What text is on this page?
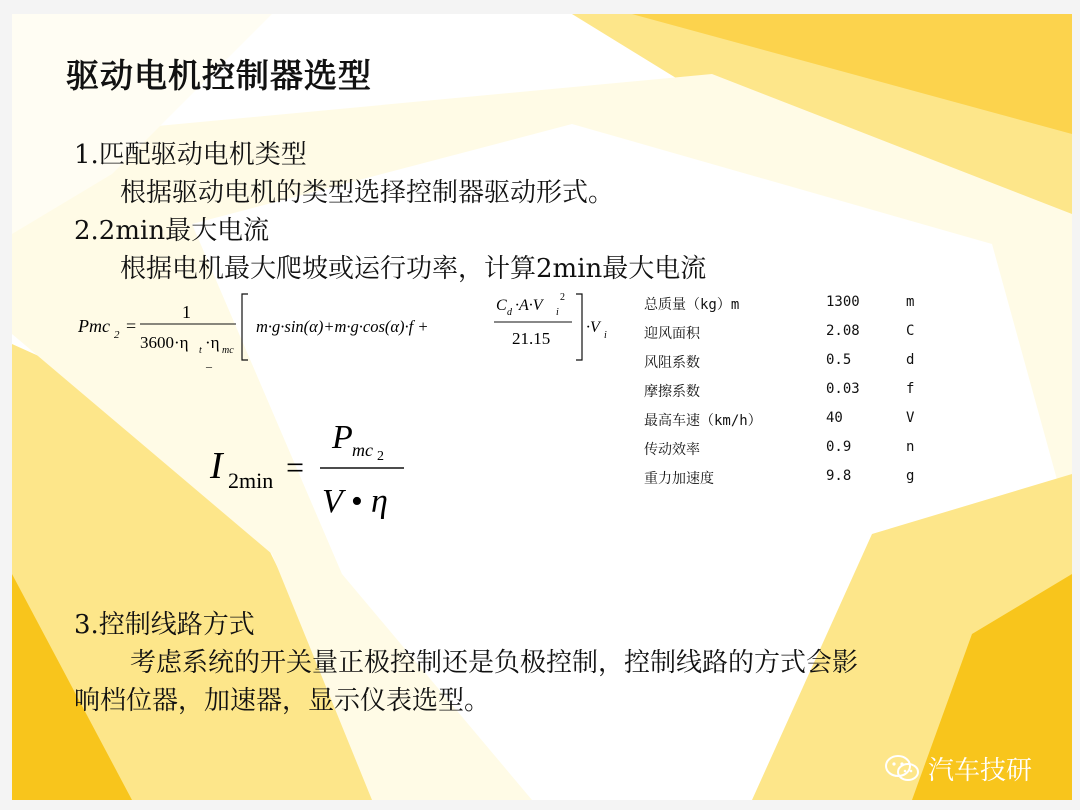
驱动电机控制器选型
1.匹配驱动电机类型
根据驱动电机的类型选择控制器驱动形式。
2.2min最大电流
根据电机最大爬坡或运行功率，计算2min最大电流
Pmc 2 =
1
3600·η t ·η mc
–
m·g·sin(α)+m·g·cos(α)·f +
C d ·A·V i
2
21.15
·V i
I 2min =
P mc 2
V • η
总质量（kg）m	1300	m
迎风面积	2.08	C
风阻系数	0.5	d
摩擦系数	0.03	f
最高车速（km/h）	40	V
传动效率	0.9	n
重力加速度	9.8	g
3.控制线路方式
考虑系统的开关量正极控制还是负极控制，控制线路的方式会影
响档位器，加速器，显示仪表选型。
汽车技研
